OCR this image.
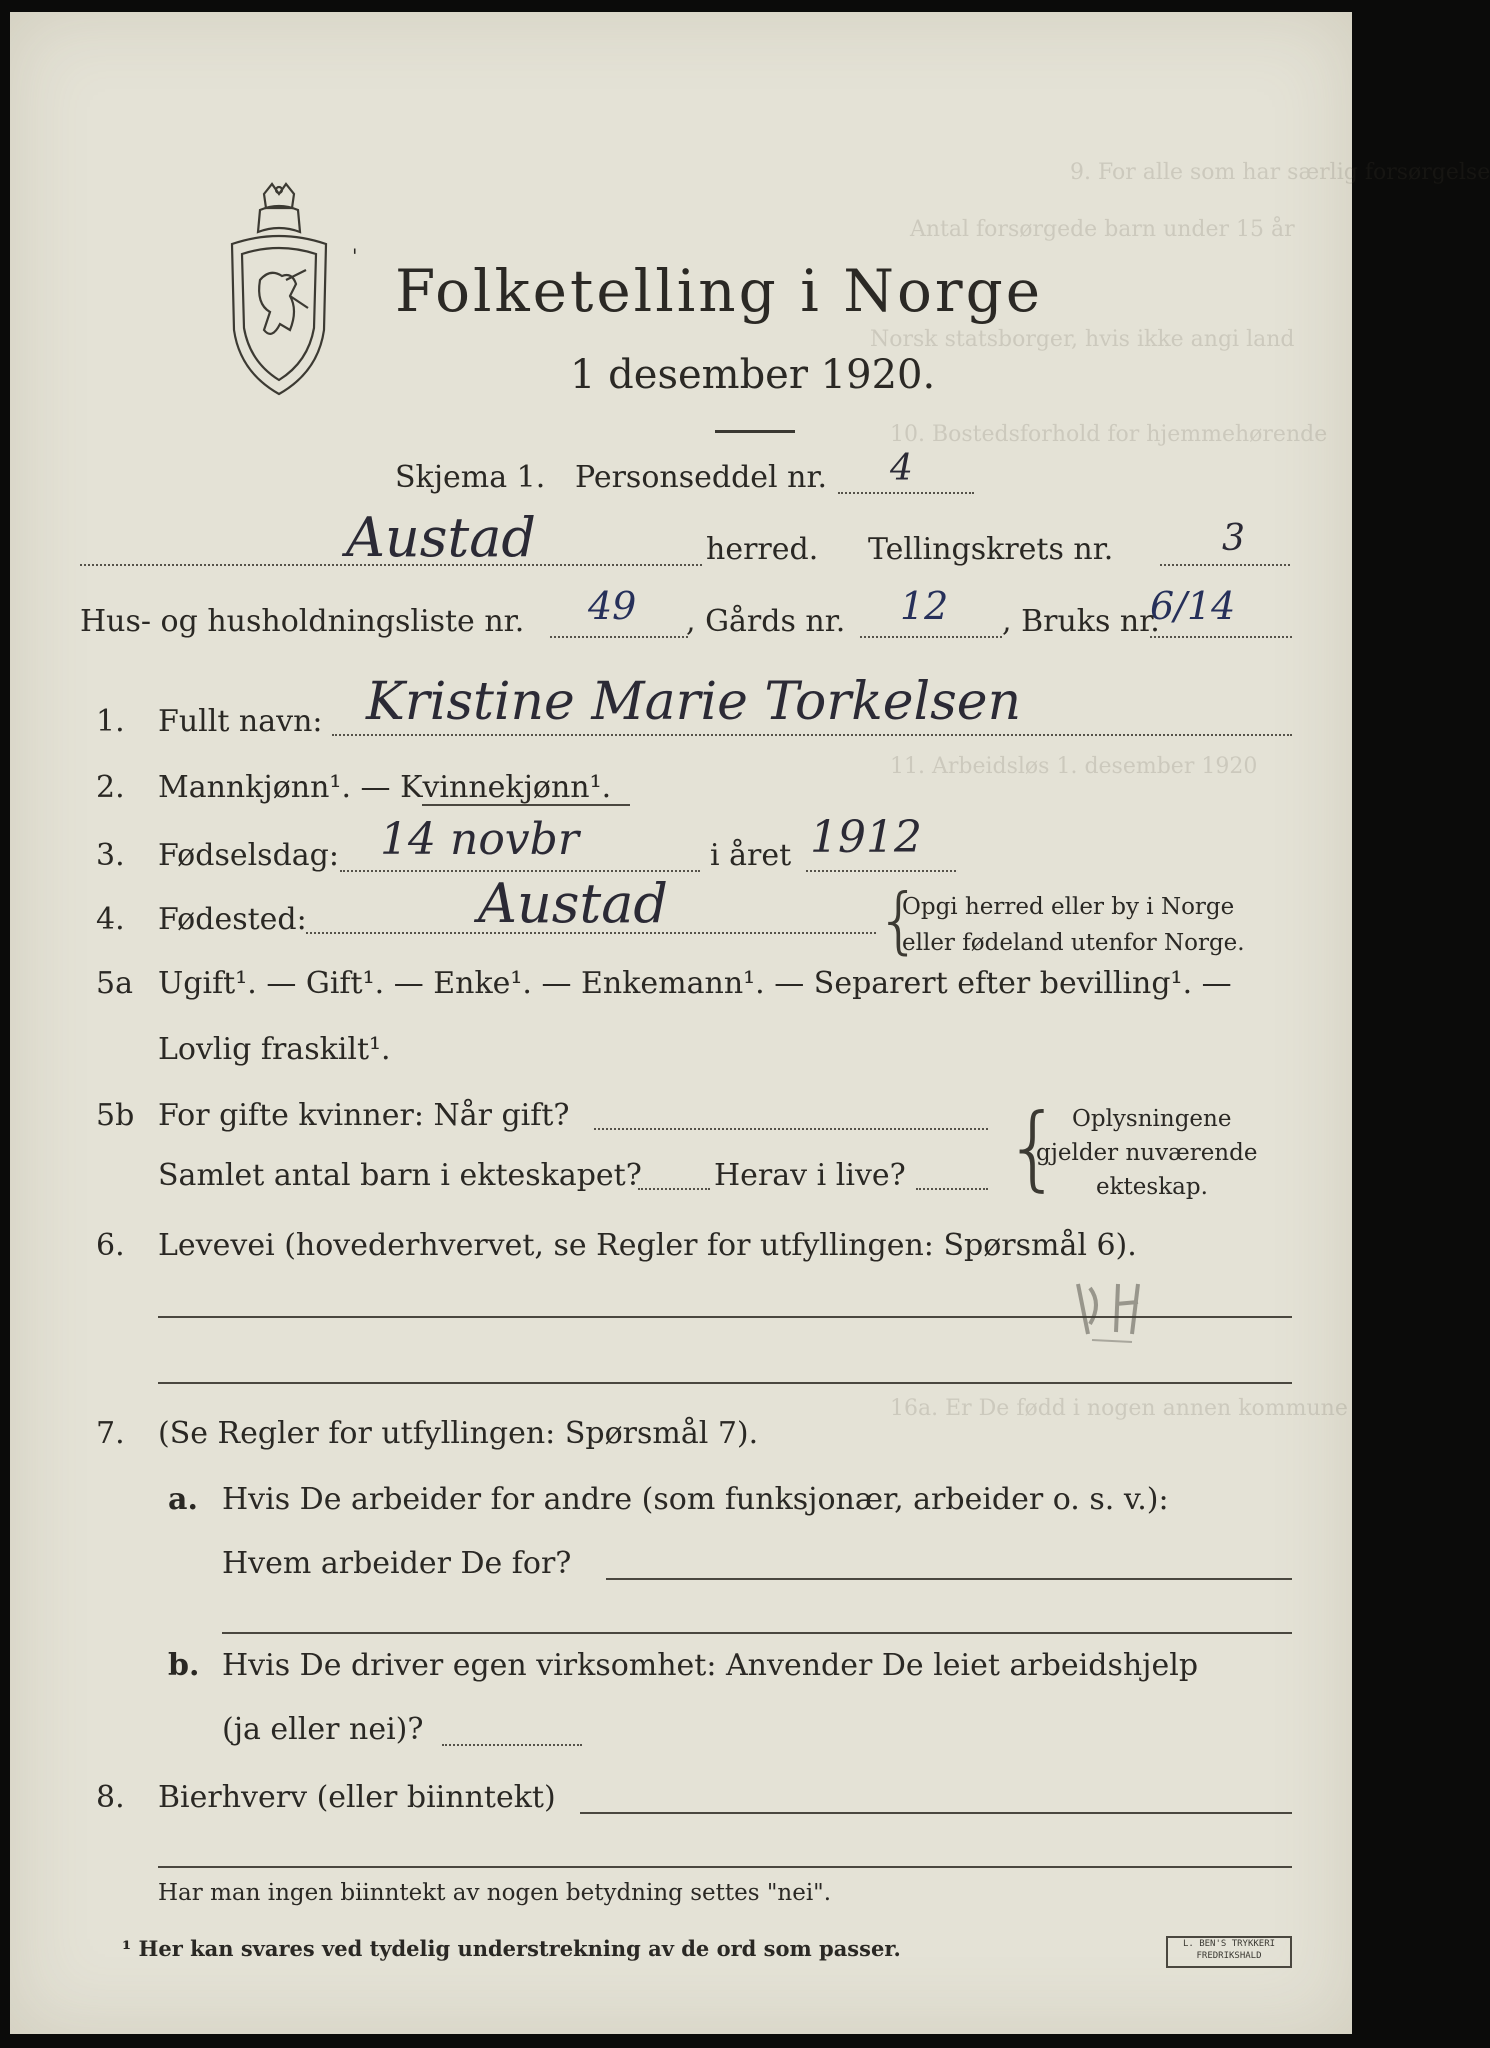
9. For alle som har særlig forsørgelse
Antal forsørgede barn under 15 år
Norsk statsborger, hvis ikke angi land
10. Bostedsforhold for hjemmehørende
11. Arbeidsløs 1. desember 1920
16a. Er De fødd i nogen annen kommune
'
Folketelling i Norge
1 desember 1920.
Skjema 1. Personseddel nr. 4
Austad	herred. Tellingskrets nr.	3
Hus- og husholdningsliste nr. 49 , Gårds nr. 12 , Bruks nr.
6/14
1. Fullt navn: Kristine Marie Torkelsen
2. Mannkjønn¹. — Kvinnekjønn¹.
3. Fødselsdag: 14 novbr	i året 1912
4. Fødested:	Austad	{
Opgi herred eller by i Norge
eller fødeland utenfor Norge.
5a Ugift¹. — Gift¹. — Enke¹. — Enkemann¹. — Separert efter bevilling¹. —
Lovlig fraskilt¹.
5b For gifte kvinner: Når gift?
Samlet antal barn i ekteskapet? Herav i live? { Oplysningene
gjelder nuværende
ekteskap.
6. Levevei (hovederhvervet, se Regler for utfyllingen: Spørsmål 6).
7. (Se Regler for utfyllingen: Spørsmål 7).
a. Hvis De arbeider for andre (som funksjonær, arbeider o. s. v.):
Hvem arbeider De for?
b. Hvis De driver egen virksomhet: Anvender De leiet arbeidshjelp
(ja eller nei)?
8. Bierhverv (eller biinntekt)
Har man ingen biinntekt av nogen betydning settes "nei".
¹ Her kan svares ved tydelig understrekning av de ord som passer.	L. BEN'S TRYKKERI
FREDRIKSHALD
